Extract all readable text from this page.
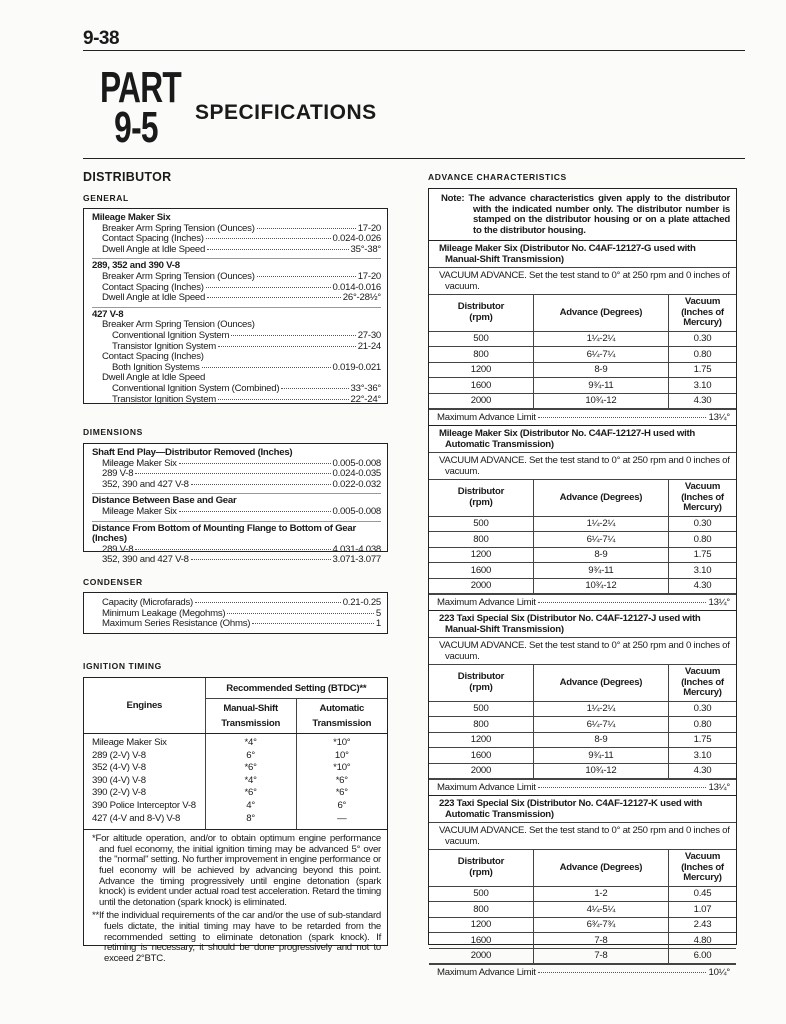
9-38
PART
9-5	SPECIFICATIONS
DISTRIBUTOR
GENERAL
Mileage Maker Six
Breaker Arm Spring Tension (Ounces)	17-20
Contact Spacing (Inches)	0.024-0.026
Dwell Angle at Idle Speed	35°-38°
289, 352 and 390 V-8
Breaker Arm Spring Tension (Ounces)	17-20
Contact Spacing (Inches)	0.014-0.016
Dwell Angle at Idle Speed	26°-28½°
427 V-8
Breaker Arm Spring Tension (Ounces)
Conventional Ignition System	27-30
Transistor Ignition System	21-24
Contact Spacing (Inches)
Both Ignition Systems	0.019-0.021
Dwell Angle at Idle Speed
Conventional Ignition System (Combined)	33°-36°
Transistor Ignition System	22°-24°
DIMENSIONS
Shaft End Play—Distributor Removed (Inches)
Mileage Maker Six	0.005-0.008
289 V-8	0.024-0.035
352, 390 and 427 V-8	0.022-0.032
Distance Between Base and Gear
Mileage Maker Six	0.005-0.008
Distance From Bottom of Mounting Flange to Bottom of Gear (Inches)
289 V-8	4.031-4.038
352, 390 and 427 V-8	3.071-3.077
CONDENSER
Capacity (Microfarads)	0.21-0.25
Minimum Leakage (Megohms)	5
Maximum Series Resistance (Ohms)	1
IGNITION TIMING
Engines	Recommended Setting (BTDC)**	
	Manual-Shift Transmission	Automatic Transmission
Mileage Maker Six	*4°	*10°
289 (2-V) V-8	6°	10°
352 (4-V) V-8	*6°	*10°
390 (4-V) V-8	*4°	*6°
390 (2-V) V-8	*6°	*6°
390 Police Interceptor V-8	4°	6°
427 (4-V and 8-V) V-8	8°	—
*For altitude operation, and/or to obtain optimum engine performance and fuel economy, the initial ignition timing may be advanced 5° over the "normal" setting. No further improvement in engine performance or fuel economy will be achieved by advancing beyond this point. Advance the timing progressively until engine detonation (spark knock) is evident under actual road test acceleration. Retard the timing until the detonation (spark knock) is eliminated.
**If the individual requirements of the car and/or the use of sub-standard fuels dictate, the initial timing may have to be retarded from the recommended setting to eliminate detonation (spark knock). If retiming is necessary, it should be done progressively and not to exceed 2°BTC.
ADVANCE CHARACTERISTICS
Note: The advance characteristics given apply to the distributor with the indicated number only. The distributor number is stamped on the distributor housing or on a plate attached to the distributor housing.
Mileage Maker Six (Distributor No. C4AF-12127-G used with Manual-Shift Transmission)
VACUUM ADVANCE. Set the test stand to 0° at 250 rpm and 0 inches of vacuum.
Distributor (rpm)	Advance (Degrees)	Vacuum (Inches of Mercury)
500	1¼-2¼	0.30
800	6¼-7¼	0.80
1200	8-9	1.75
1600	9¾-11	3.10
2000	10¾-12	4.30
Maximum Advance Limit	13¼°
Mileage Maker Six (Distributor No. C4AF-12127-H used with Automatic Transmission)
VACUUM ADVANCE. Set the test stand to 0° at 250 rpm and 0 inches of vacuum.
Distributor (rpm)	Advance (Degrees)	Vacuum (Inches of Mercury)
500	1¼-2¼	0.30
800	6¼-7¼	0.80
1200	8-9	1.75
1600	9¾-11	3.10
2000	10¾-12	4.30
Maximum Advance Limit	13¼°
223 Taxi Special Six (Distributor No. C4AF-12127-J used with Manual-Shift Transmission)
VACUUM ADVANCE. Set the test stand to 0° at 250 rpm and 0 inches of vacuum.
Distributor (rpm)	Advance (Degrees)	Vacuum (Inches of Mercury)
500	1¼-2¼	0.30
800	6¼-7¼	0.80
1200	8-9	1.75
1600	9¾-11	3.10
2000	10¾-12	4.30
Maximum Advance Limit	13¼°
223 Taxi Special Six (Distributor No. C4AF-12127-K used with Automatic Transmission)
VACUUM ADVANCE. Set the test stand to 0° at 250 rpm and 0 inches of vacuum.
Distributor (rpm)	Advance (Degrees)	Vacuum (Inches of Mercury)
500	1-2	0.45
800	4¼-5¼	1.07
1200	6¾-7¾	2.43
1600	7-8	4.80
2000	7-8	6.00
Maximum Advance Limit	10¼°
